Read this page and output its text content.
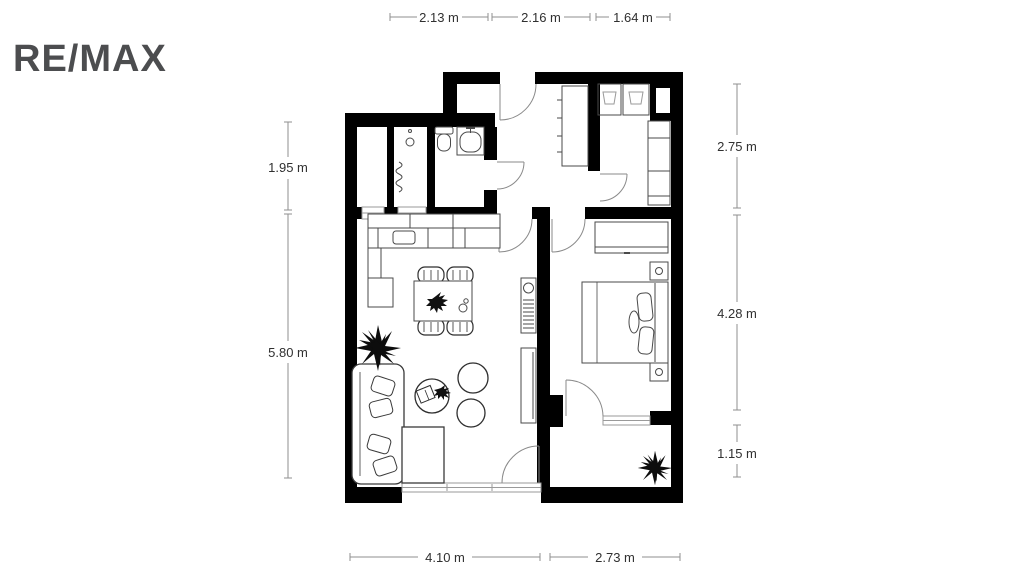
RE/MAX
2.13 m	2.16 m	1.64 m
1.95 m
5.80 m
2.75 m
4.28 m
1.15 m
4.10 m	2.73 m
